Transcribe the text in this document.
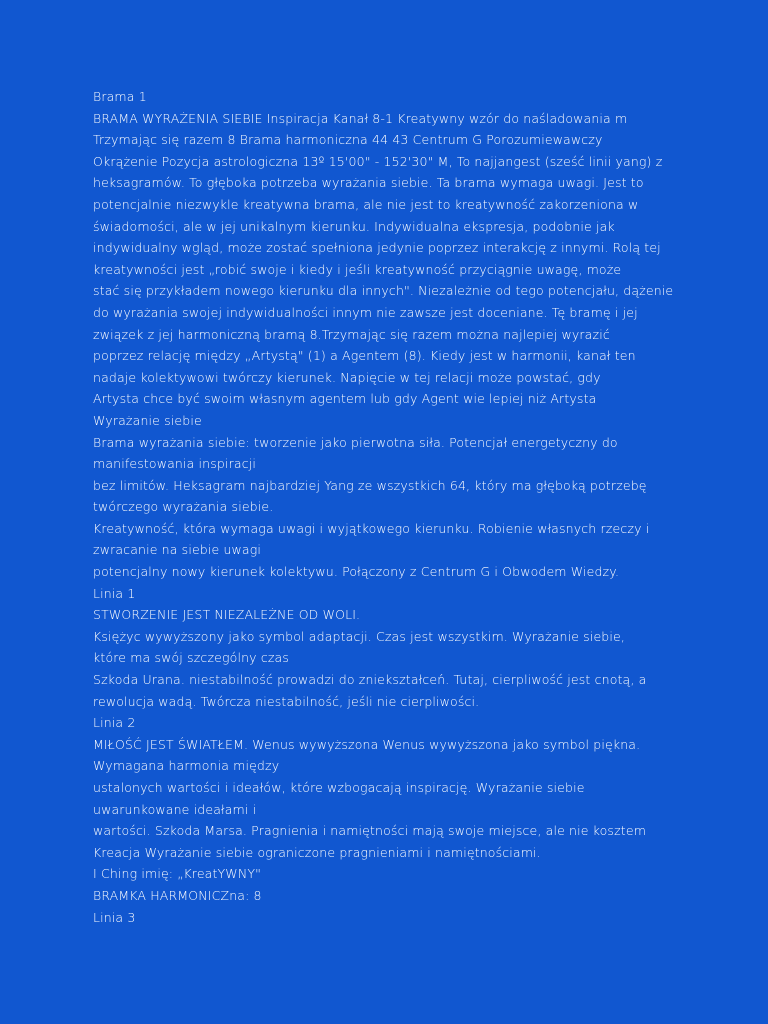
Brama 1
BRAMA WYRAŻENIA SIEBIE Inspiracja Kanał 8-1 Kreatywny wzór do naśladowania m
Trzymając się razem 8 Brama harmoniczna 44 43 Centrum G Porozumiewawczy
Okrążenie Pozycja astrologiczna 13º 15'00" - 152'30" M, To najjangest (sześć linii yang) z
heksagramów. To głęboka potrzeba wyrażania siebie. Ta brama wymaga uwagi. Jest to
potencjalnie niezwykle kreatywna brama, ale nie jest to kreatywność zakorzeniona w
świadomości, ale w jej unikalnym kierunku. Indywidualna ekspresja, podobnie jak
indywidualny wgląd, może zostać spełniona jedynie poprzez interakcję z innymi. Rolą tej
kreatywności jest „robić swoje i kiedy i jeśli kreatywność przyciągnie uwagę, może
stać się przykładem nowego kierunku dla innych". Niezależnie od tego potencjału, dążenie
do wyrażania swojej indywidualności innym nie zawsze jest doceniane. Tę bramę i jej
związek z jej harmoniczną bramą 8.Trzymając się razem można najlepiej wyrazić
poprzez relację między „Artystą" (1) a Agentem (8). Kiedy jest w harmonii, kanał ten
nadaje kolektywowi twórczy kierunek. Napięcie w tej relacji może powstać, gdy
Artysta chce być swoim własnym agentem lub gdy Agent wie lepiej niż Artysta
Wyrażanie siebie
Brama wyrażania siebie: tworzenie jako pierwotna siła. Potencjał energetyczny do
manifestowania inspiracji
bez limitów. Heksagram najbardziej Yang ze wszystkich 64, który ma głęboką potrzebę
twórczego wyrażania siebie.
Kreatywność, która wymaga uwagi i wyjątkowego kierunku. Robienie własnych rzeczy i
zwracanie na siebie uwagi
potencjalny nowy kierunek kolektywu. Połączony z Centrum G i Obwodem Wiedzy.
Linia 1
STWORZENIE JEST NIEZALEŻNE OD WOLI.
Księżyc wywyższony jako symbol adaptacji. Czas jest wszystkim. Wyrażanie siebie,
które ma swój szczególny czas
Szkoda Urana. niestabilność prowadzi do zniekształceń. Tutaj, cierpliwość jest cnotą, a
rewolucja wadą. Twórcza niestabilność, jeśli nie cierpliwości.
Linia 2
MIŁOŚĆ JEST ŚWIATŁEM. Wenus wywyższona Wenus wywyższona jako symbol piękna.
Wymagana harmonia między
ustalonych wartości i ideałów, które wzbogacają inspirację. Wyrażanie siebie
uwarunkowane ideałami i
wartości. Szkoda Marsa. Pragnienia i namiętności mają swoje miejsce, ale nie kosztem
Kreacja Wyrażanie siebie ograniczone pragnieniami i namiętnościami.
I Ching imię: „KreatYWNY"
BRAMKA HARMONICZna: 8
Linia 3
